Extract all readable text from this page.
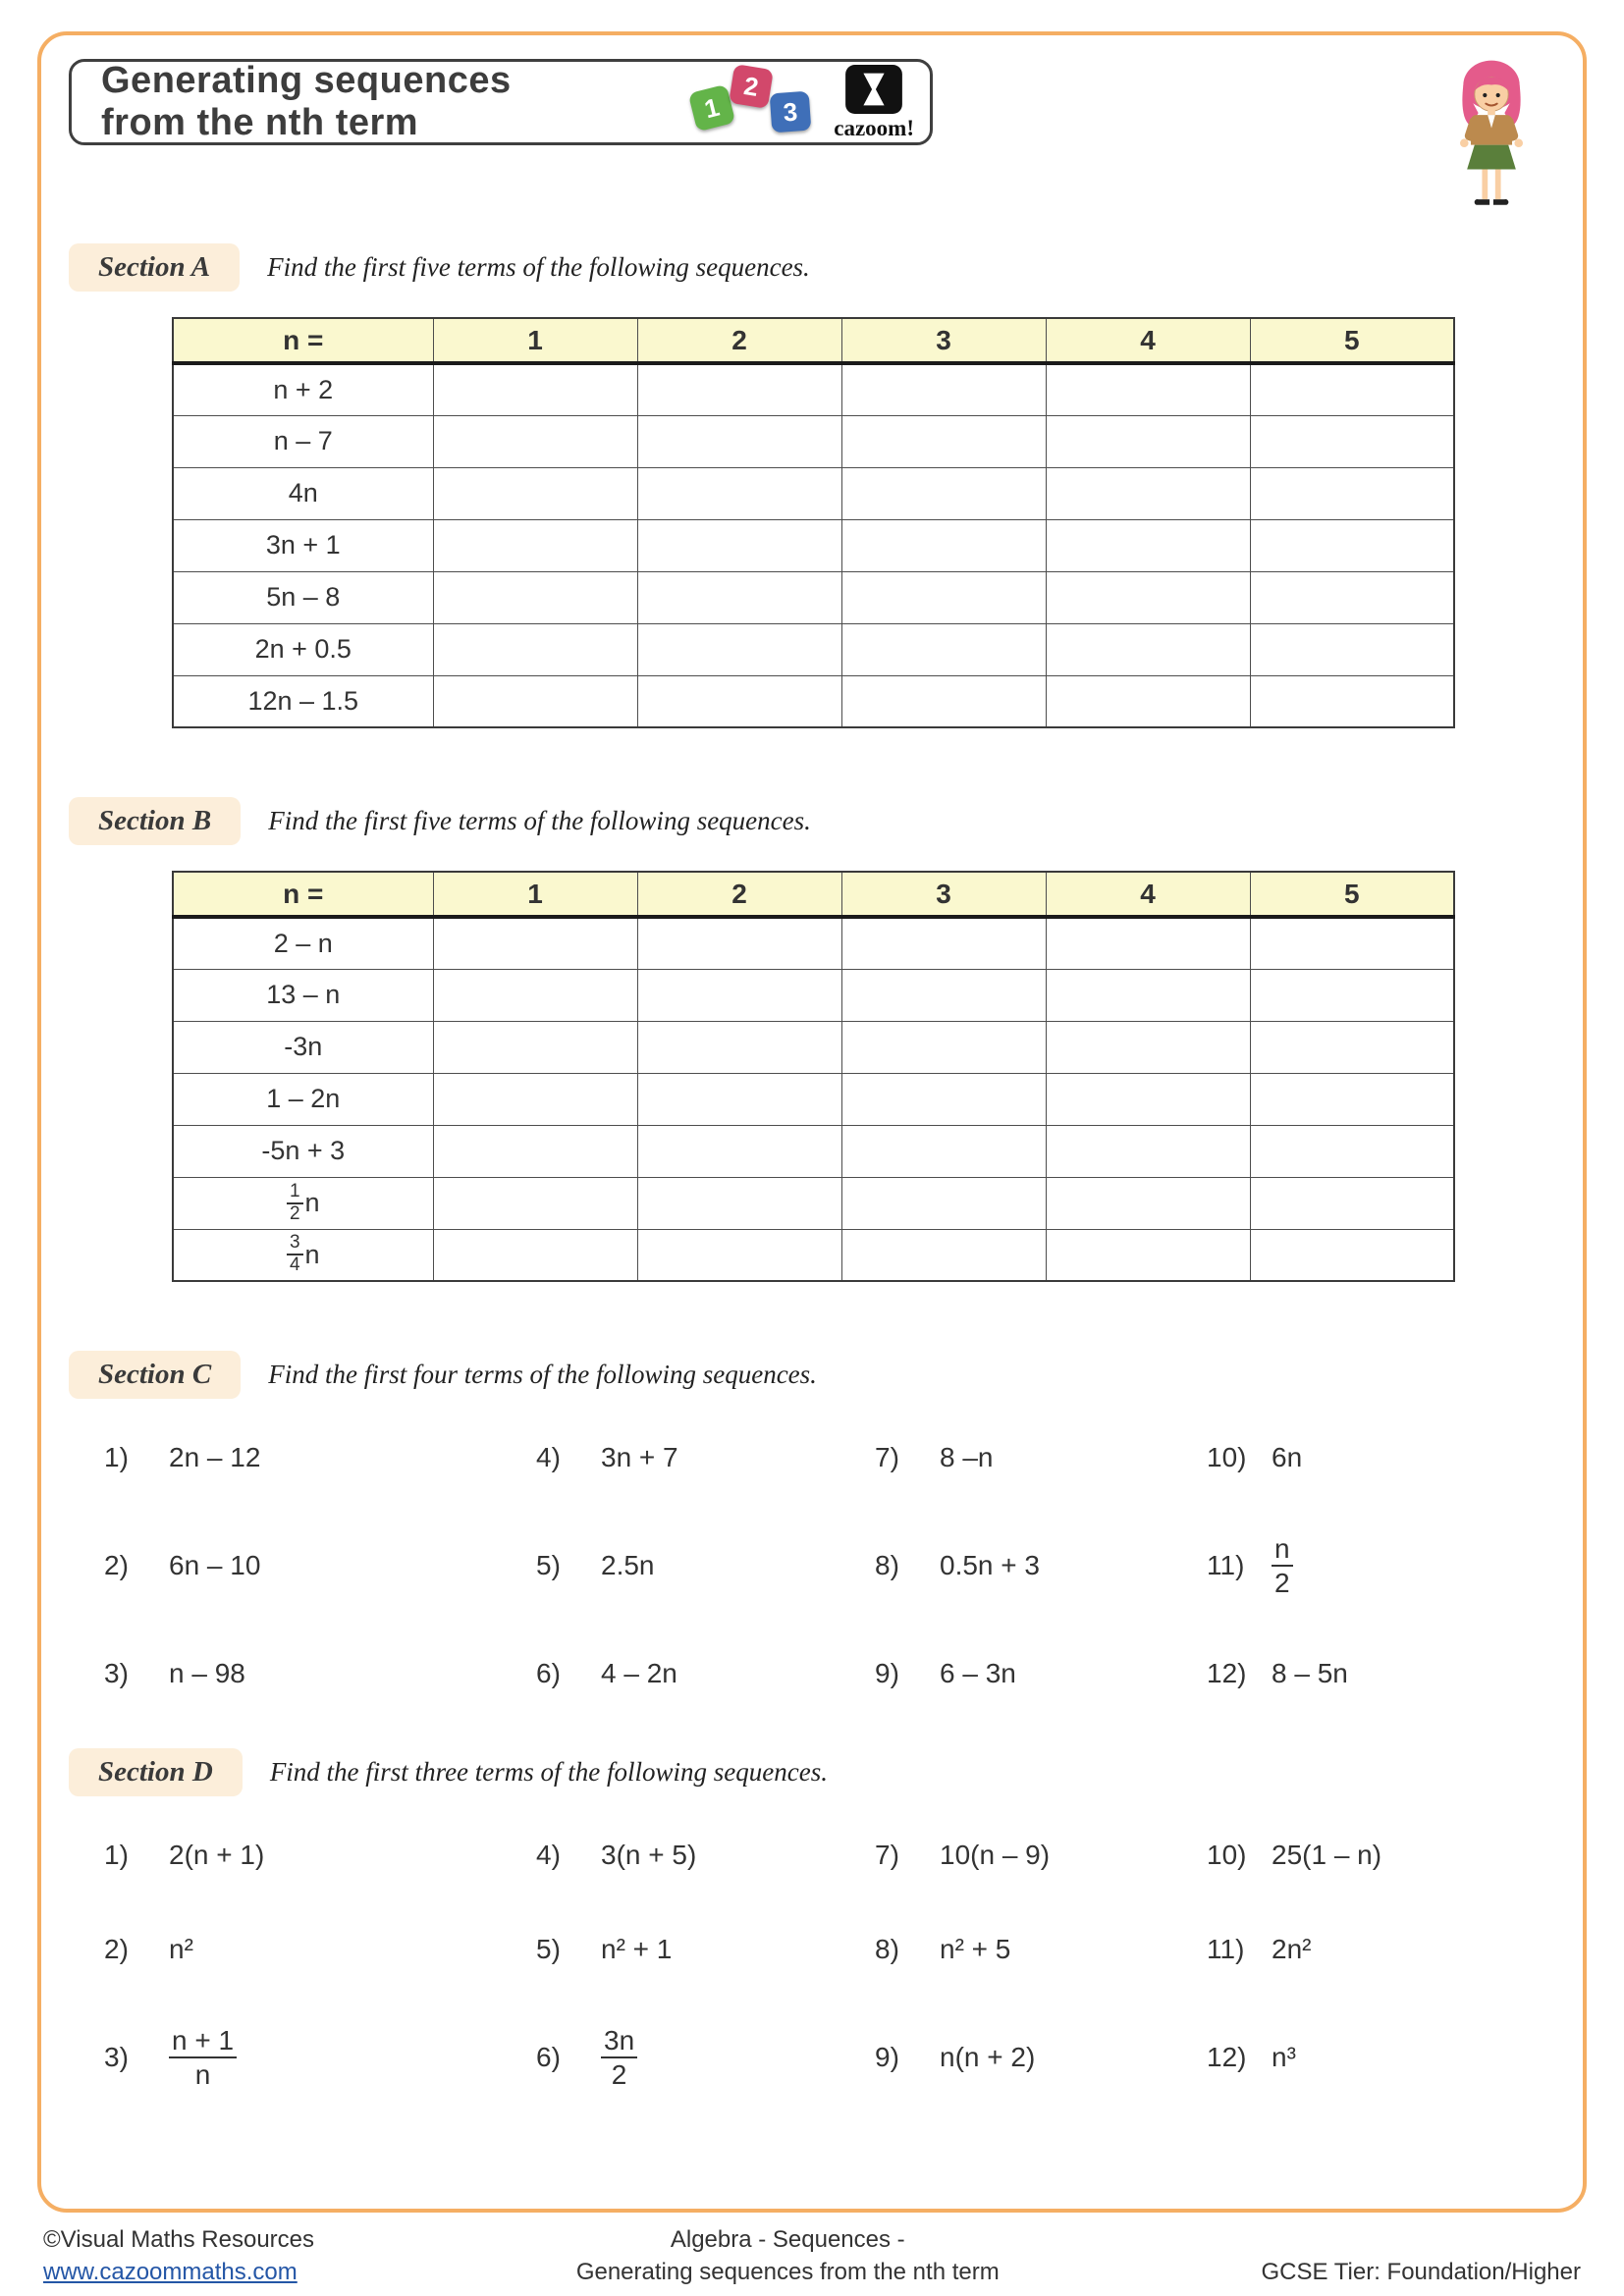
Generating sequences
from the nth term	1
2
3
cazoom!
Section A	Find the first five terms of the following sequences.
n =	1	2	3	4	5
n + 2					
n – 7					
4n					
3n + 1					
5n – 8					
2n + 0.5					
12n – 1.5					
Section B	Find the first five terms of the following sequences.
n =	1	2	3	4	5
2 – n					
13 – n					
-3n					
1 – 2n					
-5n + 3					

$\frac{1}{2}$ n					

$\frac{3}{4}$ n					
Section C	Find the first four terms of the following sequences.
1)	2n – 12	4)	3n + 7	7)	8 –n	10) 6n
2)	6n – 10	5)	2.5n	8)	0.5n + 3	$11) \frac{n}{2}$
3)	n – 98	6)	4 – 2n	9)	6 – 3n	12) 8 – 5n
Section D	Find the first three terms of the following sequences.
1)	2(n + 1)	4)	3(n + 5)	7)	10(n – 9)	10) 25(1 – n)
2)	n²	5)	n² + 1	8)	n² + 5	11) 2n²
3)	$\frac{n + 1}{n}$	6)	$\frac{3n}{2}$	9)	n(n + 2)	12) n³
©Visual Maths Resources
www.cazoommaths.com
Algebra - Sequences -
Generating sequences from the nth term	GCSE Tier: Foundation/Higher
